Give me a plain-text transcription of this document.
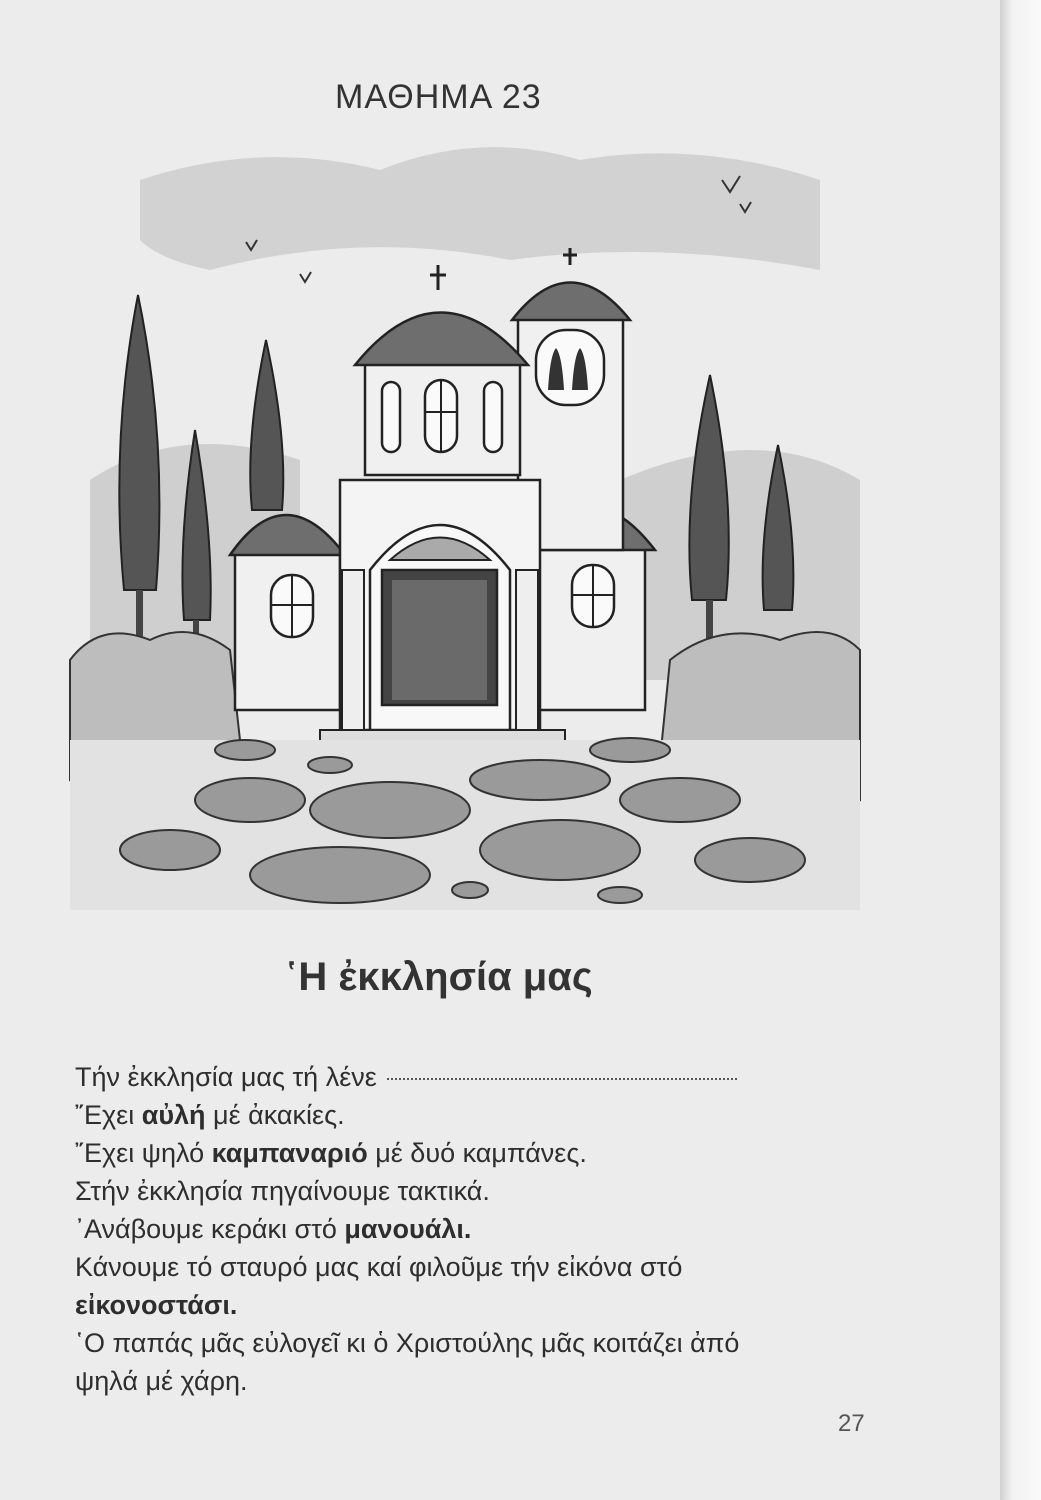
ΜΑΘΗΜΑ 23
῾Η ἐκκλησία μας
Τήν ἐκκλησία μας τή λένε
῎Εχει αὐλή μέ ἀκακίες.
῎Εχει ψηλό καμπαναριό μέ δυό καμπάνες.
Στήν ἐκκλησία πηγαίνουμε τακτικά.
᾿Ανάβουμε κεράκι στό μανουάλι.
Κάνουμε τό σταυρό μας καί φιλοῦμε τήν εἰκόνα στό
εἰκονοστάσι.
῾Ο παπάς μᾶς εὐλογεῖ κι ὁ Χριστούλης μᾶς κοιτάζει ἀπό
ψηλά μέ χάρη.
27
